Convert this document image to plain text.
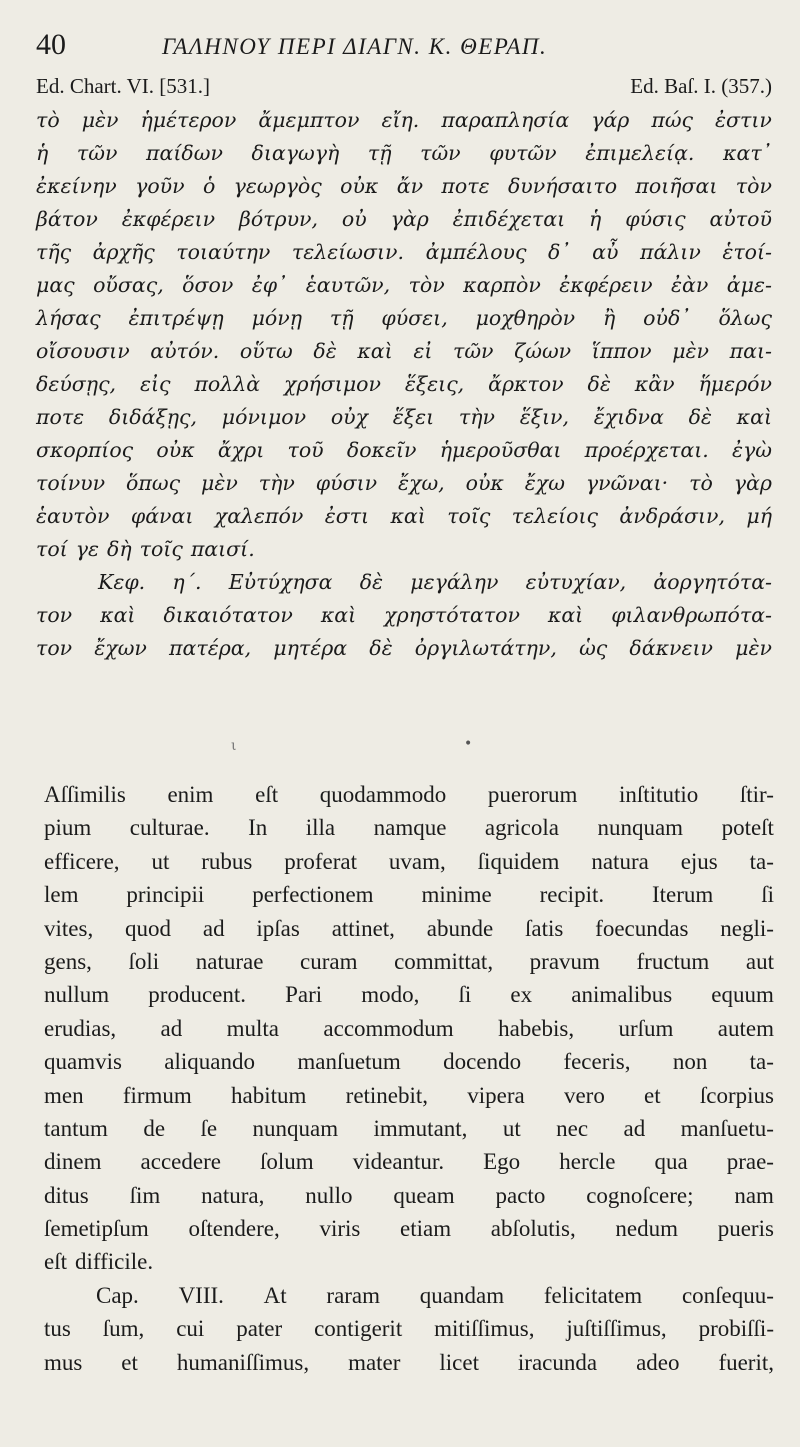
40	ΓΑΛΗΝΟΥ ΠΕΡΙ ΔΙΑΓΝ. Κ. ΘΕΡΑΠ.
Ed. Chart. VI. [531.]	Ed. Baſ. I. (357.)
τὸ μὲν ἡμέτερον ἄμεμπτον εἴη. παραπλησία γάρ πώς ἐστιν
ἡ τῶν παίδων διαγωγὴ τῇ τῶν φυτῶν ἐπιμελείᾳ. κατ᾿
ἐκείνην γοῦν ὁ γεωργὸς οὐκ ἄν ποτε δυνήσαιτο ποιῆσαι τὸν
βάτον ἐκφέρειν βότρυν, οὐ γὰρ ἐπιδέχεται ἡ φύσις αὐτοῦ
τῆς ἀρχῆς τοιαύτην τελείωσιν. ἀμπέλους δ᾿ αὖ πάλιν ἑτοί-
μας οὔσας, ὅσον ἐφ᾿ ἑαυτῶν, τὸν καρπὸν ἐκφέρειν ἐὰν ἀμε-
λήσας ἐπιτρέψῃ μόνῃ τῇ φύσει, μοχθηρὸν ἢ οὐδ᾿ ὅλως
οἴσουσιν αὐτόν. οὕτω δὲ καὶ εἰ τῶν ζώων ἵππον μὲν παι-
δεύσῃς, εἰς πολλὰ χρήσιμον ἕξεις, ἄρκτον δὲ κἂν ἥμερόν
ποτε διδάξῃς, μόνιμον οὐχ ἕξει τὴν ἕξιν, ἔχιδνα δὲ καὶ
σκορπίος οὐκ ἄχρι τοῦ δοκεῖν ἡμεροῦσθαι προέρχεται. ἐγὼ
τοίνυν ὅπως μὲν τὴν φύσιν ἔχω, οὐκ ἔχω γνῶναι· τὸ γὰρ
ἑαυτὸν φάναι χαλεπόν ἐστι καὶ τοῖς τελείοις ἀνδράσιν, μή
τοί γε δὴ τοῖς παισί.
Κεφ. η΄. Εὐτύχησα δὲ μεγάλην εὐτυχίαν, ἀοργητότα-
τον καὶ δικαιότατον καὶ χρηστότατον καὶ φιλανθρωπότα-
τον ἔχων πατέρα, μητέρα δὲ ὀργιλωτάτην, ὡς δάκνειν μὲν
ι	•
Aſſimilis enim eſt quodammodo puerorum inſtitutio ſtir-
pium culturae. In illa namque agricola nunquam poteſt
efficere, ut rubus proferat uvam, ſiquidem natura ejus ta-
lem principii perfectionem minime recipit. Iterum ſi
vites, quod ad ipſas attinet, abunde ſatis foecundas negli-
gens, ſoli naturae curam committat, pravum fructum aut
nullum producent. Pari modo, ſi ex animalibus equum
erudias, ad multa accommodum habebis, urſum autem
quamvis aliquando manſuetum docendo feceris, non ta-
men firmum habitum retinebit, vipera vero et ſcorpius
tantum de ſe nunquam immutant, ut nec ad manſuetu-
dinem accedere ſolum videantur. Ego hercle qua prae-
ditus ſim natura, nullo queam pacto cognoſcere; nam
ſemetipſum oſtendere, viris etiam abſolutis, nedum pueris
eſt difficile.
Cap. VIII. At raram quandam felicitatem conſequu-
tus ſum, cui pater contigerit mitiſſimus, juſtiſſimus, probiſſi-
mus et humaniſſimus, mater licet iracunda adeo fuerit,
